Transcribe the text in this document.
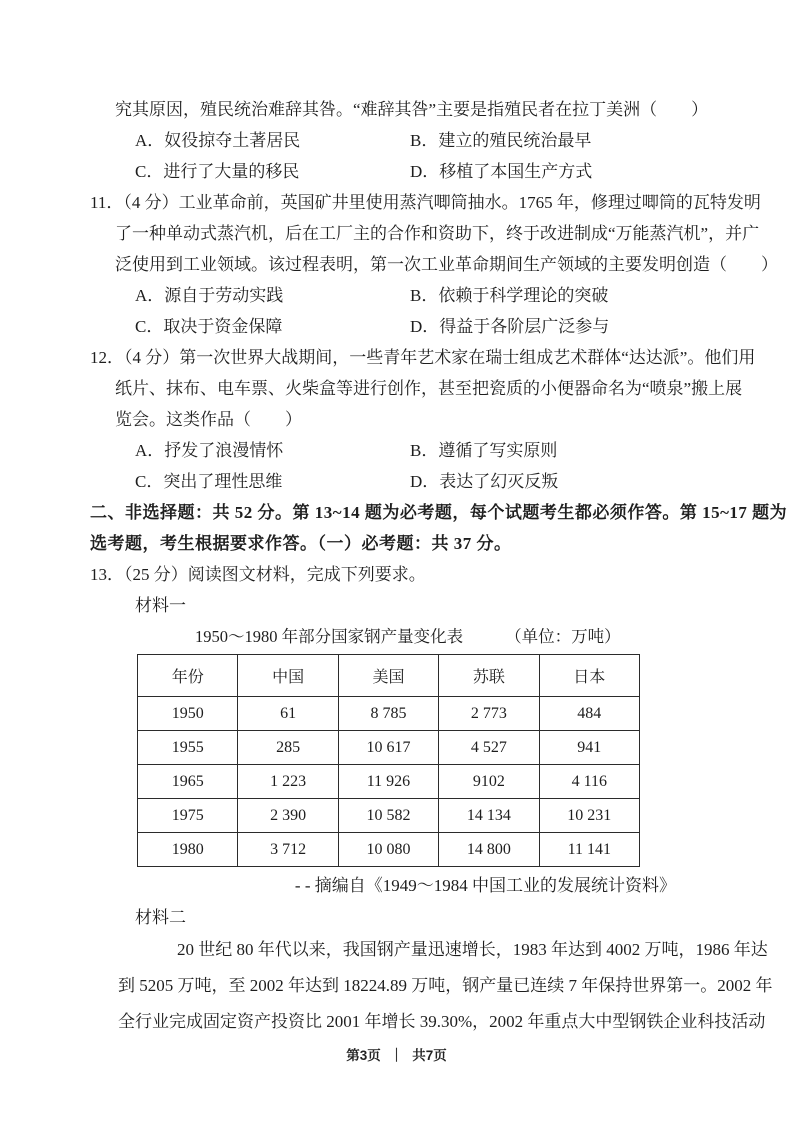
究其原因，殖民统治难辞其咎。“难辞其咎”主要是指殖民者在拉丁美洲（　　）
A．奴役掠夺土著居民	B．建立的殖民统治最早
C．进行了大量的移民	D．移植了本国生产方式
11．（4 分）工业革命前，英国矿井里使用蒸汽唧筒抽水。1765 年，修理过唧筒的瓦特发明
了一种单动式蒸汽机，后在工厂主的合作和资助下，终于改进制成“万能蒸汽机”，并广
泛使用到工业领域。该过程表明，第一次工业革命期间生产领域的主要发明创造（　　）
A．源自于劳动实践	B．依赖于科学理论的突破
C．取决于资金保障	D．得益于各阶层广泛参与
12．（4 分）第一次世界大战期间，一些青年艺术家在瑞士组成艺术群体“达达派”。他们用
纸片、抹布、电车票、火柴盒等进行创作，甚至把瓷质的小便器命名为“喷泉”搬上展
览会。这类作品（　　）
A．抒发了浪漫情怀	B．遵循了写实原则
C．突出了理性思维	D．表达了幻灭反叛
二、非选择题：共 52 分。第 13~14 题为必考题，每个试题考生都必须作答。第 15~17 题为
选考题，考生根据要求作答。（一）必考题：共 37 分。
13．（25 分）阅读图文材料，完成下列要求。
材料一
1950～1980 年部分国家钢产量变化表	（单位：万吨）
年份	中国	美国	苏联	日本
1950	61	8 785	2 773	484
1955	285	10 617	4 527	941
1965	1 223	11 926	9102	4 116
1975	2 390	10 582	14 134	10 231
1980	3 712	10 080	14 800	11 141
- - 摘编自《1949～1984 中国工业的发展统计资料》
材料二
20 世纪 80 年代以来，我国钢产量迅速增长，1983 年达到 4002 万吨，1986 年达
到 5205 万吨，至 2002 年达到 18224.89 万吨，钢产量已连续 7 年保持世界第一。2002 年
全行业完成固定资产投资比 2001 年增长 39.30%，2002 年重点大中型钢铁企业科技活动
第3页 ｜ 共7页
